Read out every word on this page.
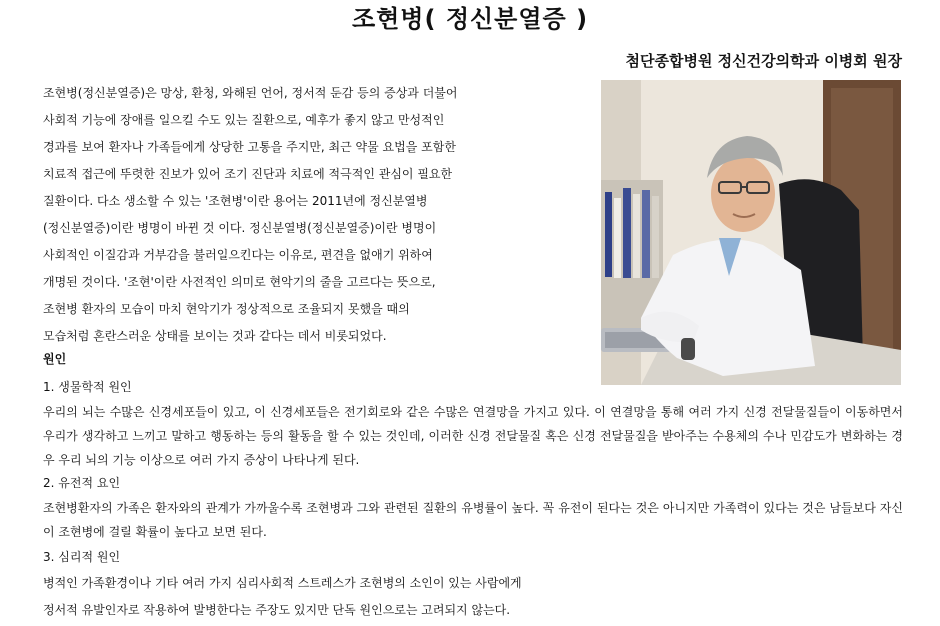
조현병( 정신분열증 )
첨단종합병원 정신건강의학과 이병회 원장

조현병(정신분열증)은 망상, 환청, 와해된 언어, 정서적 둔감 등의 증상과 더불어

사회적 기능에 장애를 일으킬 수도 있는 질환으로, 예후가 좋지 않고 만성적인

경과를 보여 환자나 가족들에게 상당한 고통을 주지만, 최근 약물 요법을 포함한

치료적 접근에 뚜렷한 진보가 있어 조기 진단과 치료에 적극적인 관심이 필요한

질환이다. 다소 생소할 수 있는 '조현병'이란 용어는 2011년에 정신분열병

(정신분열증)이란 병명이 바뀐 것 이다. 정신분열병(정신분열증)이란 병명이

사회적인 이질감과 거부감을 불러일으킨다는 이유로, 편견을 없애기 위하여

개명된 것이다. '조현'이란 사전적인 의미로 현악기의 줄을 고르다는 뜻으로,

조현병 환자의 모습이 마치 현악기가 정상적으로 조율되지 못했을 때의

모습처럼 혼란스러운 상태를 보이는 것과 같다는 데서 비롯되었다.

원인
1. 생물학적 원인

우리의 뇌는 수많은 신경세포들이 있고, 이 신경세포들은 전기회로와 같은 수많은 연결망을 가지고 있다. 이 연결망을 통해 여러 가지 신경 전달물질들이 이동하면서 우리가 생각하고 느끼고 말하고 행동하는 등의 활동을 할 수 있는 것인데, 이러한 신경 전달물질 혹은 신경 전달물질을 받아주는 수용체의 수나 민감도가 변화하는 경우 우리 뇌의 기능 이상으로 여러 가지 증상이 나타나게 된다.

2. 유전적 요인

조현병환자의 가족은 환자와의 관계가 가까울수록 조현병과 그와 관련된 질환의 유병률이 높다. 꼭 유전이 된다는 것은 아니지만 가족력이 있다는 것은 남들보다 자신이 조현병에 걸릴 확률이 높다고 보면 된다.

3. 심리적 원인

병적인 가족환경이나 기타 여러 가지 심리사회적 스트레스가 조현병의 소인이 있는 사람에게

정서적 유발인자로 작용하여 발병한다는 주장도 있지만 단독 원인으로는 고려되지 않는다.
